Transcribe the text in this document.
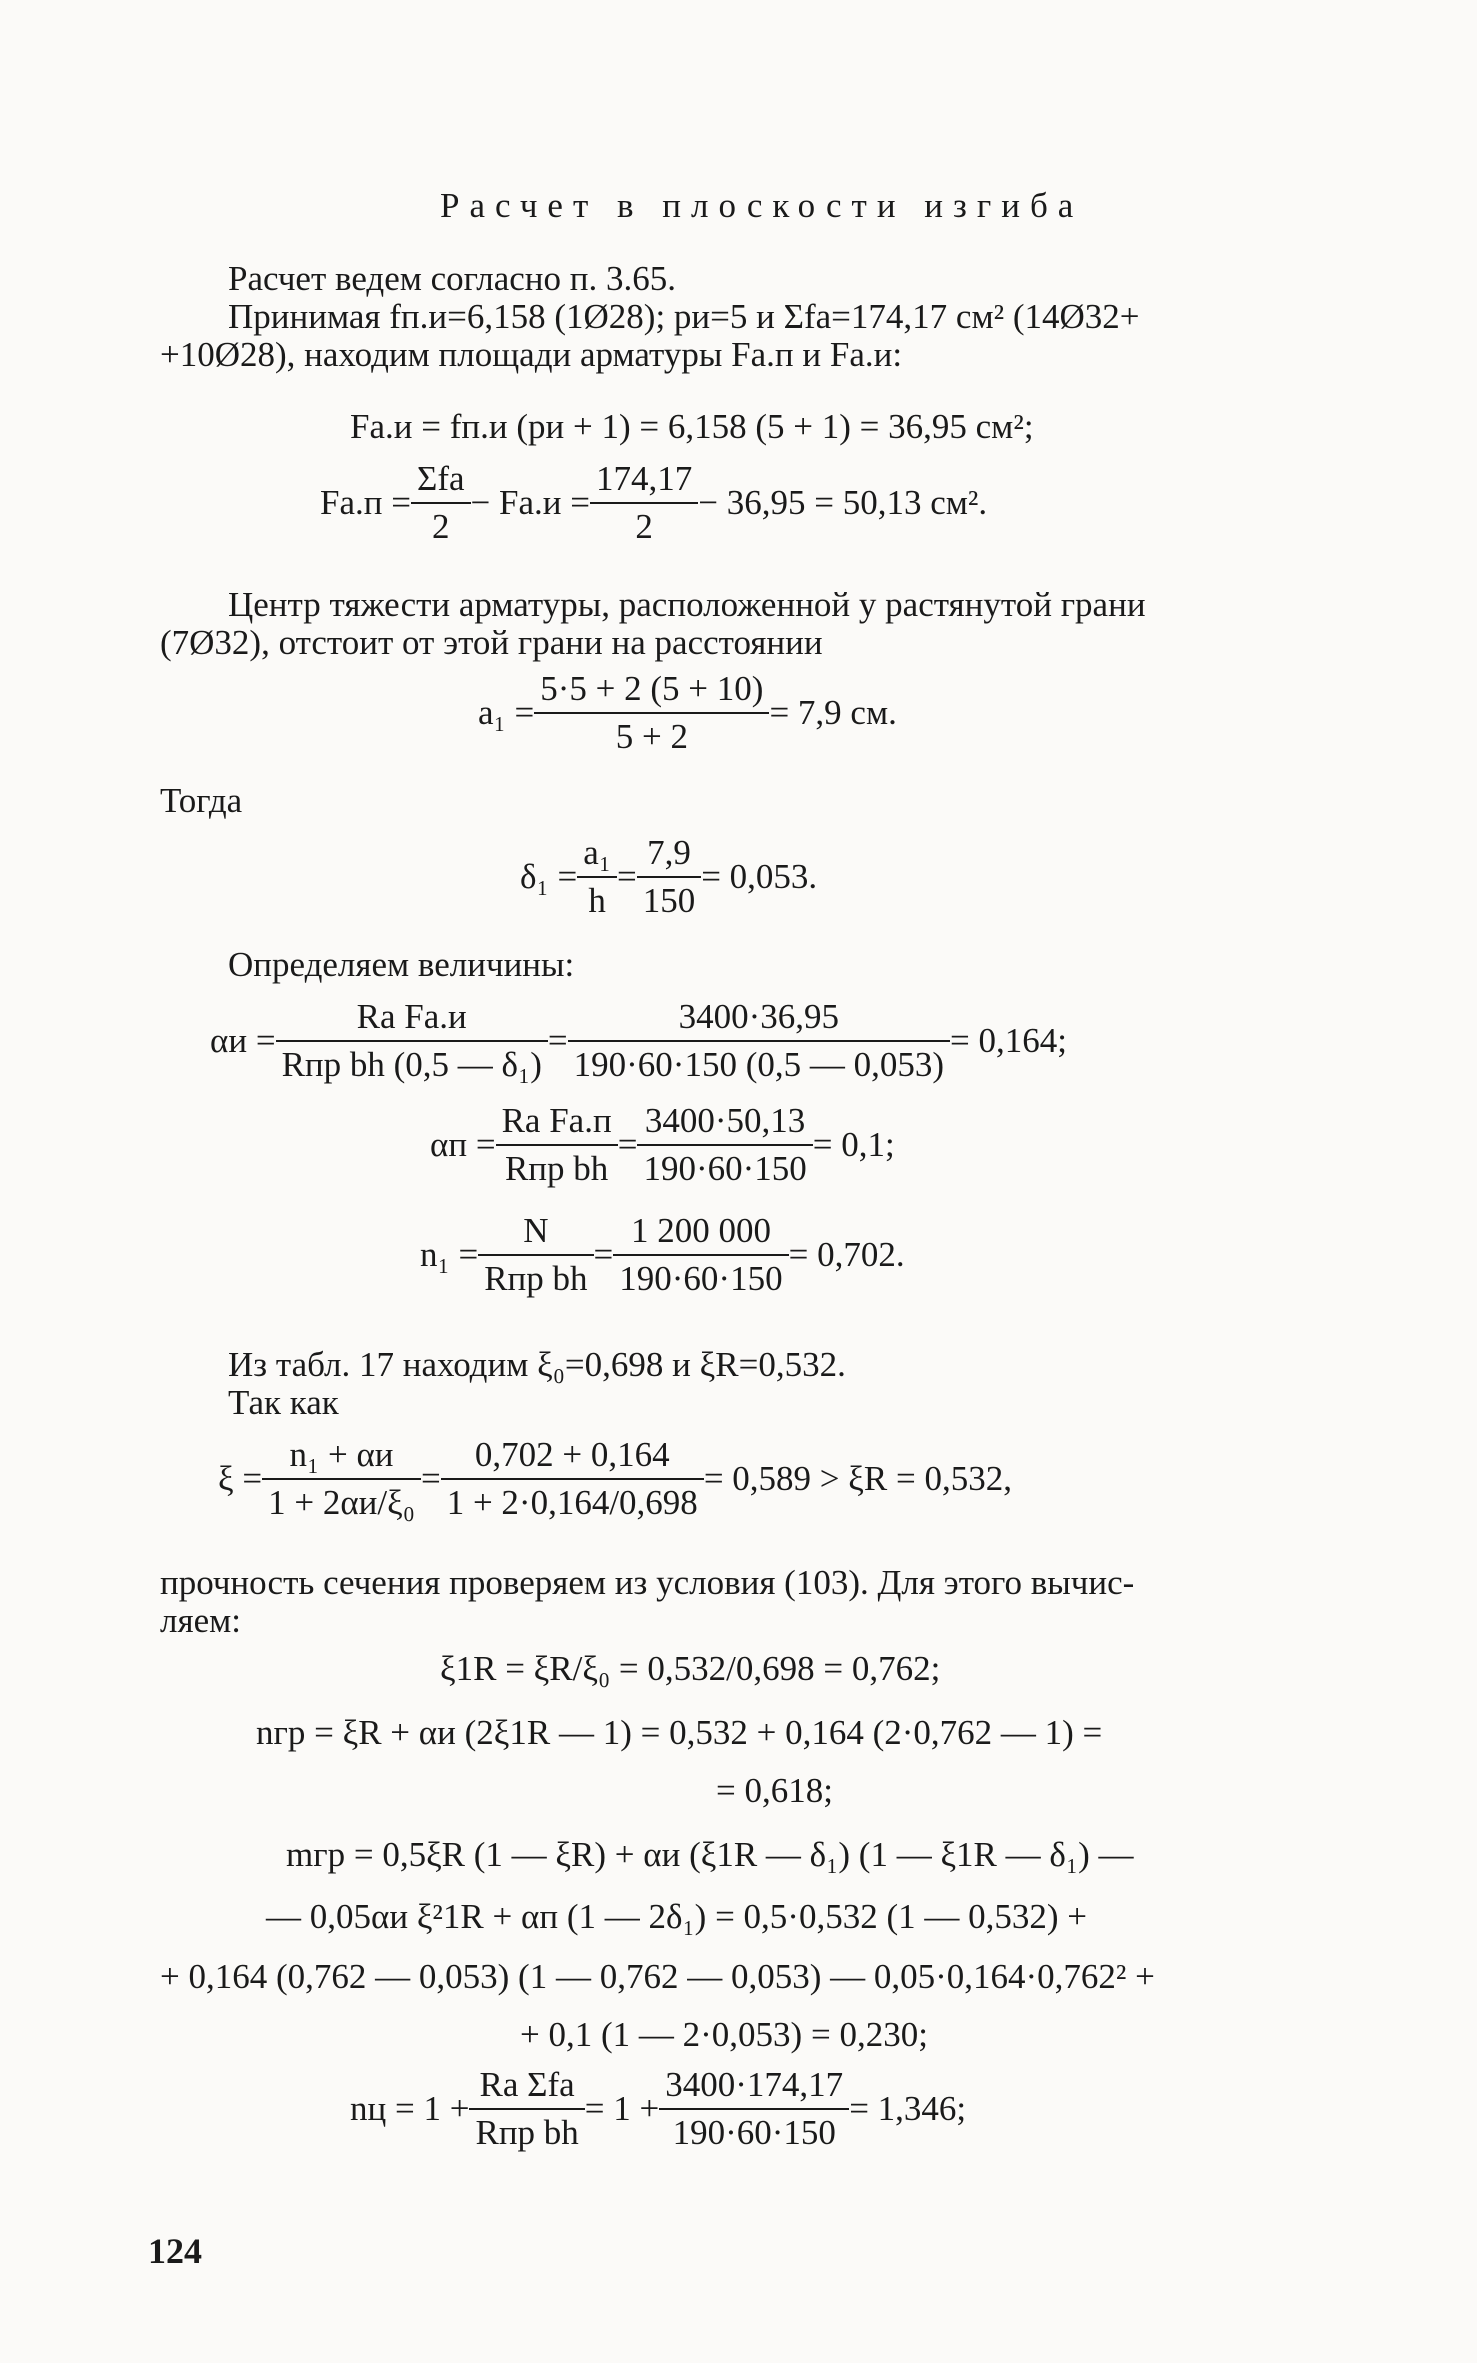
Расчет в плоскости изгиба
Расчет ведем согласно п. 3.65.
Принимая fп.и=6,158 (1Ø28); pи=5 и Σfa=174,17 см² (14Ø32+
+10Ø28), находим площади арматуры Fa.п и Fa.и:
Fa.и = fп.и (pи + 1) = 6,158 (5 + 1) = 36,95 см²;
$Fa.п = \frac{\text{Σfa}}{2} - Fa.и = \frac{174,17}{2} - 36,95 = 50,13$ см².
Центр тяжести арматуры, расположенной у растянутой грани
(7Ø32), отстоит от этой грани на расстоянии
$a_1 = \frac{5\cdot 5 + 2 (5 + 10)}{5 + 2} = 7,9$ см.
Тогда
$\delta_1 = \frac{\text{a₁}}{h} = \frac{7,9}{150} = 0,053$.
Определяем величины:
$\alpha и = \frac{\text{Ra Fa.и}}{\text{Rпр bh (0,5 — δ₁)}} = \frac{3400\cdot 36,95}{190\cdot 60\cdot 150 (0,5 — 0,053)} = 0,164$;
$\alpha п = \frac{\text{Ra Fa.п}}{\text{Rпр bh}} = \frac{3400\cdot 50,13}{190\cdot 60\cdot 150} = 0,1$;
$n_1 = \frac{N}{\text{Rпр bh}} = \frac{1 200 000}{190\cdot 60\cdot 150} = 0,702$.
Из табл. 17 находим ξ₀=0,698 и ξR=0,532.
Так как
$\xi = \frac{\text{n₁ + αи}}{\text{1 + 2αи/ξ₀}} = \frac{0,702 + 0,164}{1 + 2\cdot 0,164/0,698} = 0,589 > \xi R = 0,532$,
прочность сечения проверяем из условия (103). Для этого вычис-
ляем:
ξ1R = ξR/ξ₀ = 0,532/0,698 = 0,762;
nгр = ξR + αи (2ξ1R — 1) = 0,532 + 0,164 (2·0,762 — 1) =
= 0,618;
mгр = 0,5ξR (1 — ξR) + αи (ξ1R — δ₁) (1 — ξ1R — δ₁) —
— 0,05αи ξ²1R + αп (1 — 2δ₁) = 0,5·0,532 (1 — 0,532) +
+ 0,164 (0,762 — 0,053) (1 — 0,762 — 0,053) — 0,05·0,164·0,762² +
+ 0,1 (1 — 2·0,053) = 0,230;
nц = $1 + \frac{\text{Ra Σfa}}{\text{Rпр bh}} = 1 + \frac{3400\cdot 174,17}{190\cdot 60\cdot 150} = 1,346$;
124
